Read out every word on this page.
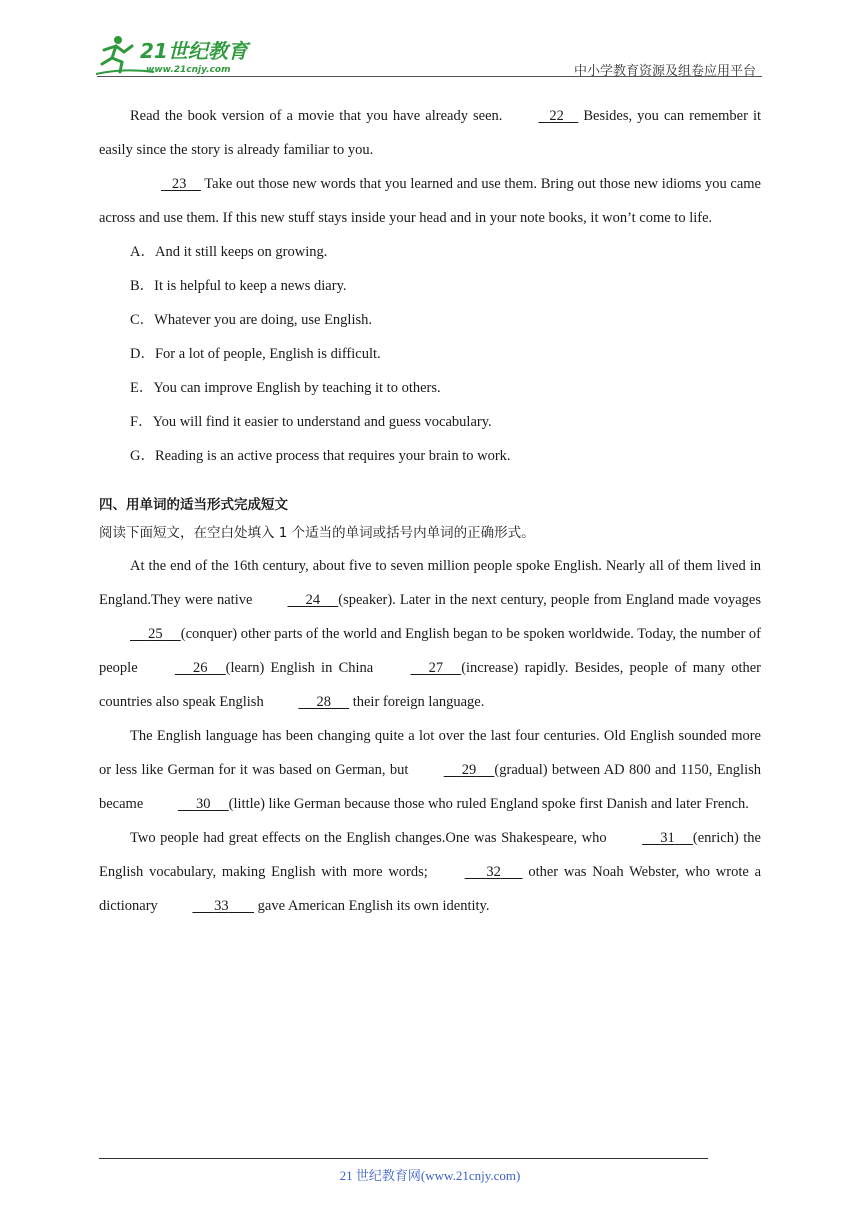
21世纪教育
www.21cnjy.com	中小学教育资源及组卷应用平台

Read the book version of a movie that you have already seen.	22     Besides, you can remember it easily since the story is already familiar to you.

23     Take out those new words that you learned and use them. Bring out those new idioms you came across and use them. If this new stuff stays inside your head and in your note books, it won’t come to life.

A．And it still keeps on growing.

B．It is helpful to keep a news diary.

C．Whatever you are doing, use English.

D．For a lot of people, English is difficult.

E．You can improve English by teaching it to others.

F．You will find it easier to understand and guess vocabulary.

G．Reading is an active process that requires your brain to work.

四、用单词的适当形式完成短文

阅读下面短文，在空白处填入 1 个适当的单词或括号内单词的正确形式。

At the end of the 16th century, about five to seven million people spoke English. Nearly all of them lived in England.They were native	24 (speaker). Later in the next century, people from England made voyages      25 (conquer) other parts of the world and English began to be spoken worldwide. Today, the number of people	26 (learn) English in China	27 (increase) rapidly. Besides, people of many other countries also speak English	28      their foreign language.

The English language has been changing quite a lot over the last four centuries. Old English sounded more or less like German for it was based on German, but	29 (gradual) between AD 800 and 1150, English became	30 (little) like German because those who ruled England spoke first Danish and later French.

Two people had great effects on the English changes.One was Shakespeare, who	31 (enrich) the English vocabulary, making English with more words;	32       other was Noah Webster, who wrote a dictionary	33        gave American English its own identity.

21 世纪教育网(www.21cnjy.com)
